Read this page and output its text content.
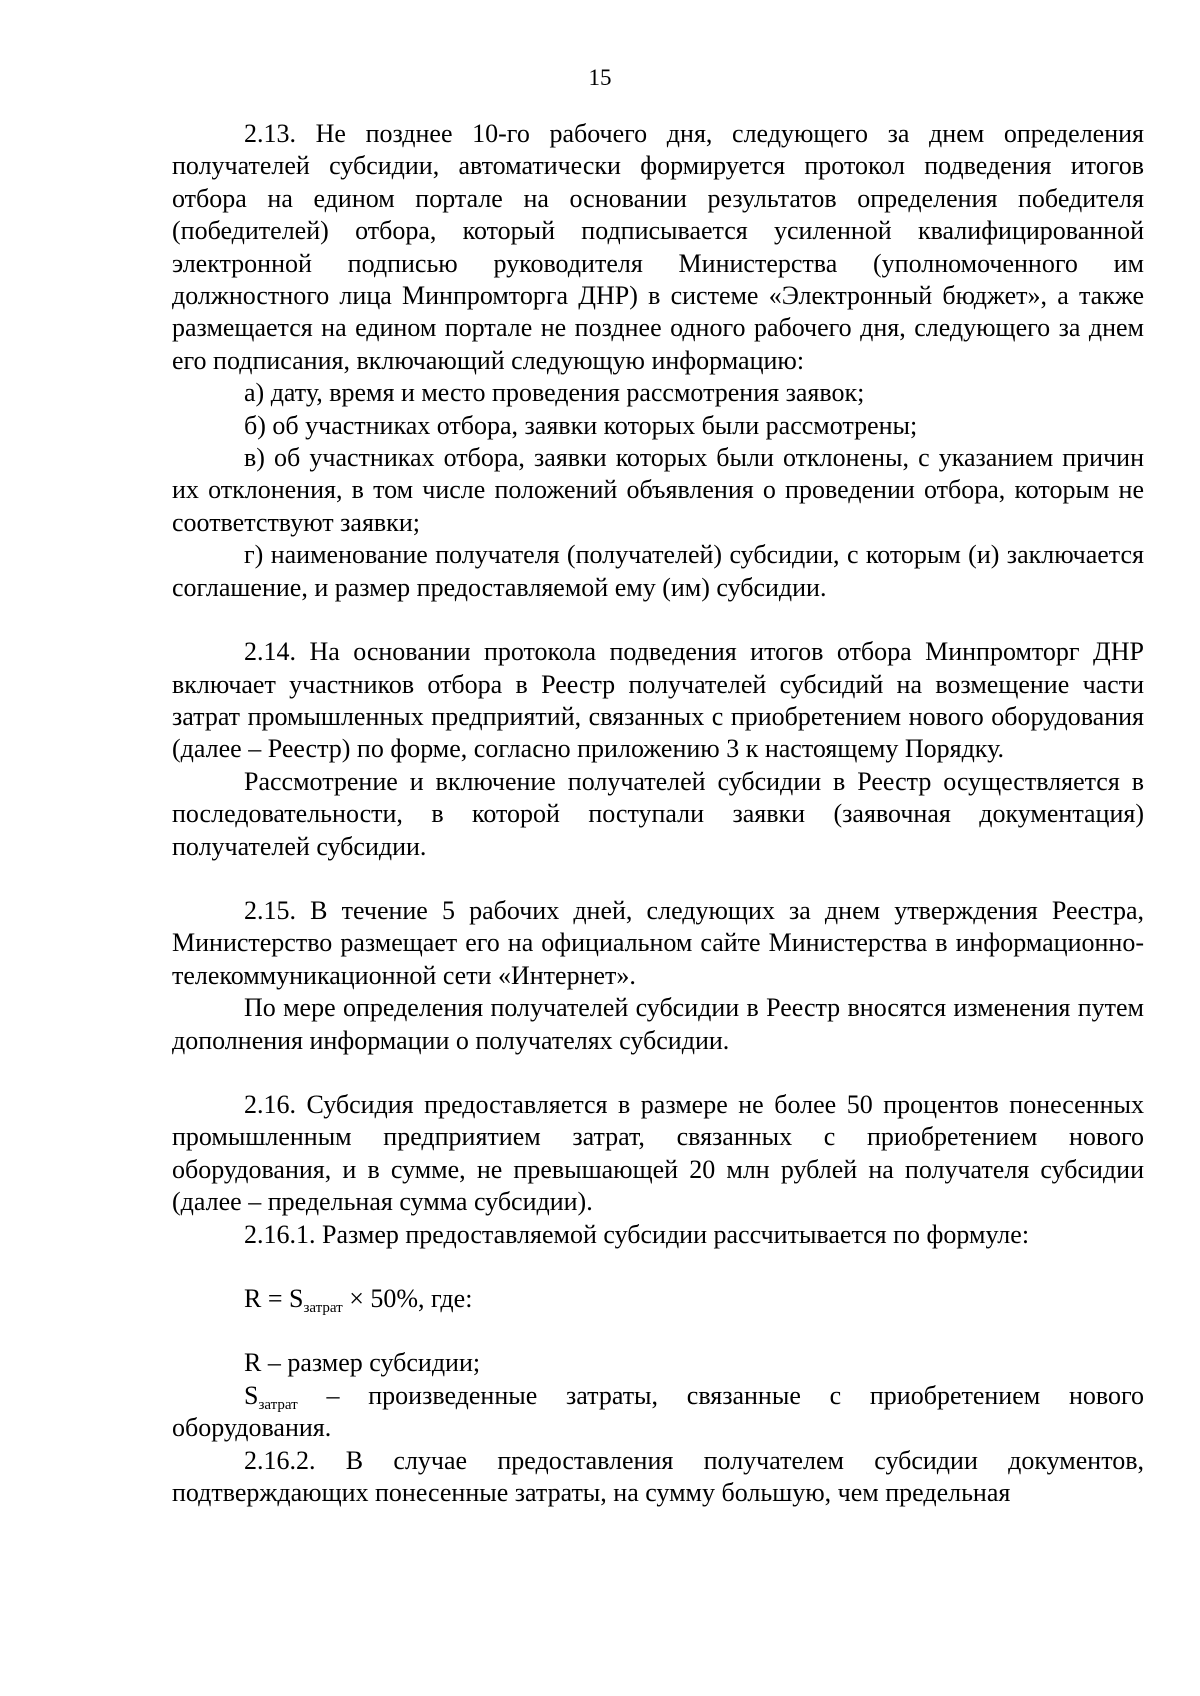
15

2.13. Не позднее 10-го рабочего дня, следующего за днем определения получателей субсидии, автоматически формируется протокол подведения итогов отбора на едином портале на основании результатов определения победителя (победителей) отбора, который подписывается усиленной квалифицированной электронной подписью руководителя Министерства (уполномоченного им должностного лица Минпромторга ДНР) в системе «Электронный бюджет», а также размещается на едином портале не позднее одного рабочего дня, следующего за днем его подписания, включающий следующую информацию:

а) дату, время и место проведения рассмотрения заявок;

б) об участниках отбора, заявки которых были рассмотрены;

в) об участниках отбора, заявки которых были отклонены, с указанием причин их отклонения, в том числе положений объявления о проведении отбора, которым не соответствуют заявки;

г) наименование получателя (получателей) субсидии, с которым (и) заключается соглашение, и размер предоставляемой ему (им) субсидии.

2.14. На основании протокола подведения итогов отбора Минпромторг ДНР включает участников отбора в Реестр получателей субсидий на возмещение части затрат промышленных предприятий, связанных с приобретением нового оборудования (далее – Реестр) по форме, согласно приложению 3 к настоящему Порядку.

Рассмотрение и включение получателей субсидии в Реестр осуществляется в последовательности, в которой поступали заявки (заявочная документация) получателей субсидии.

2.15. В течение 5 рабочих дней, следующих за днем утверждения Реестра, Министерство размещает его на официальном сайте Министерства в информационно-телекоммуникационной сети «Интернет».

По мере определения получателей субсидии в Реестр вносятся изменения путем дополнения информации о получателях субсидии.

2.16. Субсидия предоставляется в размере не более 50 процентов понесенных промышленным предприятием затрат, связанных с приобретением нового оборудования, и в сумме, не превышающей 20 млн рублей на получателя субсидии (далее – предельная сумма субсидии).

2.16.1. Размер предоставляемой субсидии рассчитывается по формуле:

$R = S_{затрат} \times 50\%$, где:

R – размер субсидии;

$S_{затрат}$ – произведенные затраты, связанные с приобретением нового оборудования.

2.16.2. В случае предоставления получателем субсидии документов, подтверждающих понесенные затраты, на сумму большую, чем предельная
